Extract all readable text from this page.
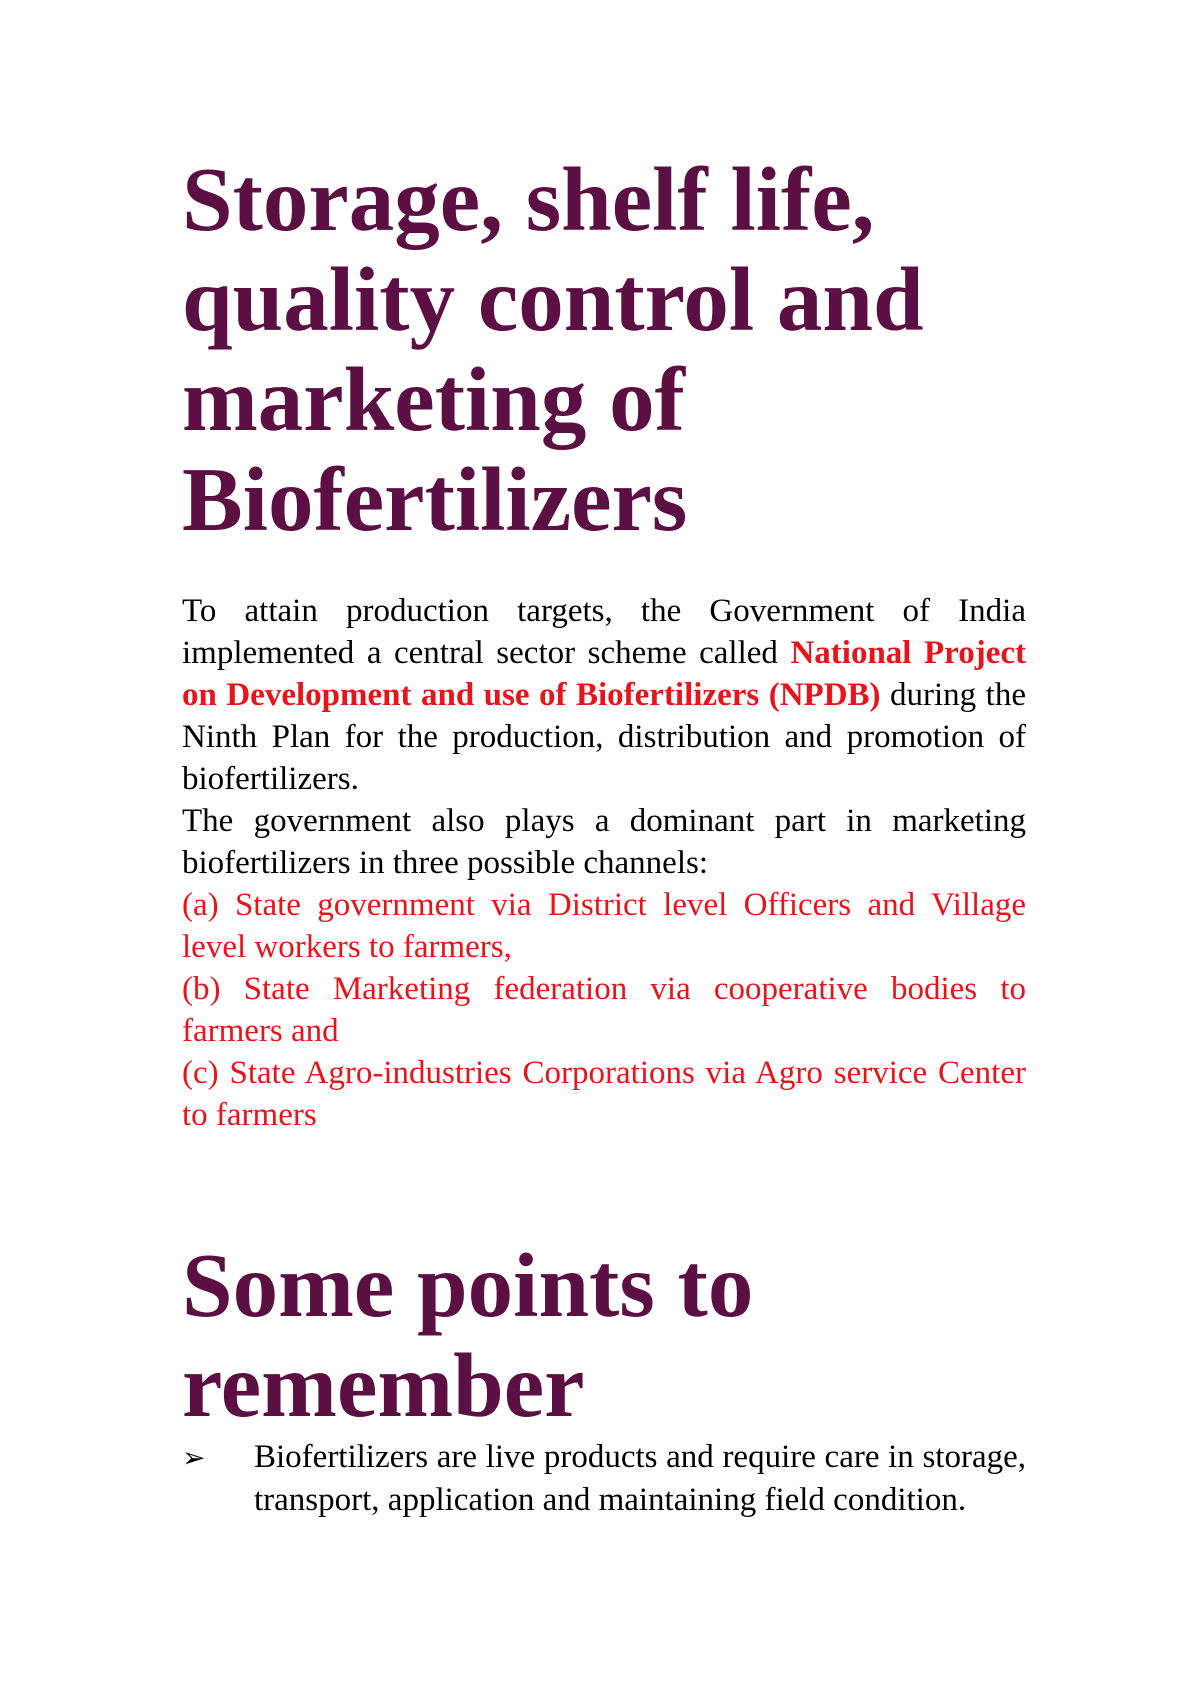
Storage, shelf life,
quality control and
marketing of
Biofertilizers

To attain production targets, the Government of India implemented a central sector scheme called National Project on Development and use of Biofertilizers (NPDB) during the Ninth Plan for the production, distribution and promotion of biofertilizers.

The government also plays a dominant part in marketing biofertilizers in three possible channels:

(a) State government via District level Officers and Village level workers to farmers,

(b) State Marketing federation via cooperative bodies to farmers and

(c) State Agro-industries Corporations via Agro service Center to farmers

Some points to
remember

➢ Biofertilizers are live products and require care in storage, transport, application and maintaining field condition.
